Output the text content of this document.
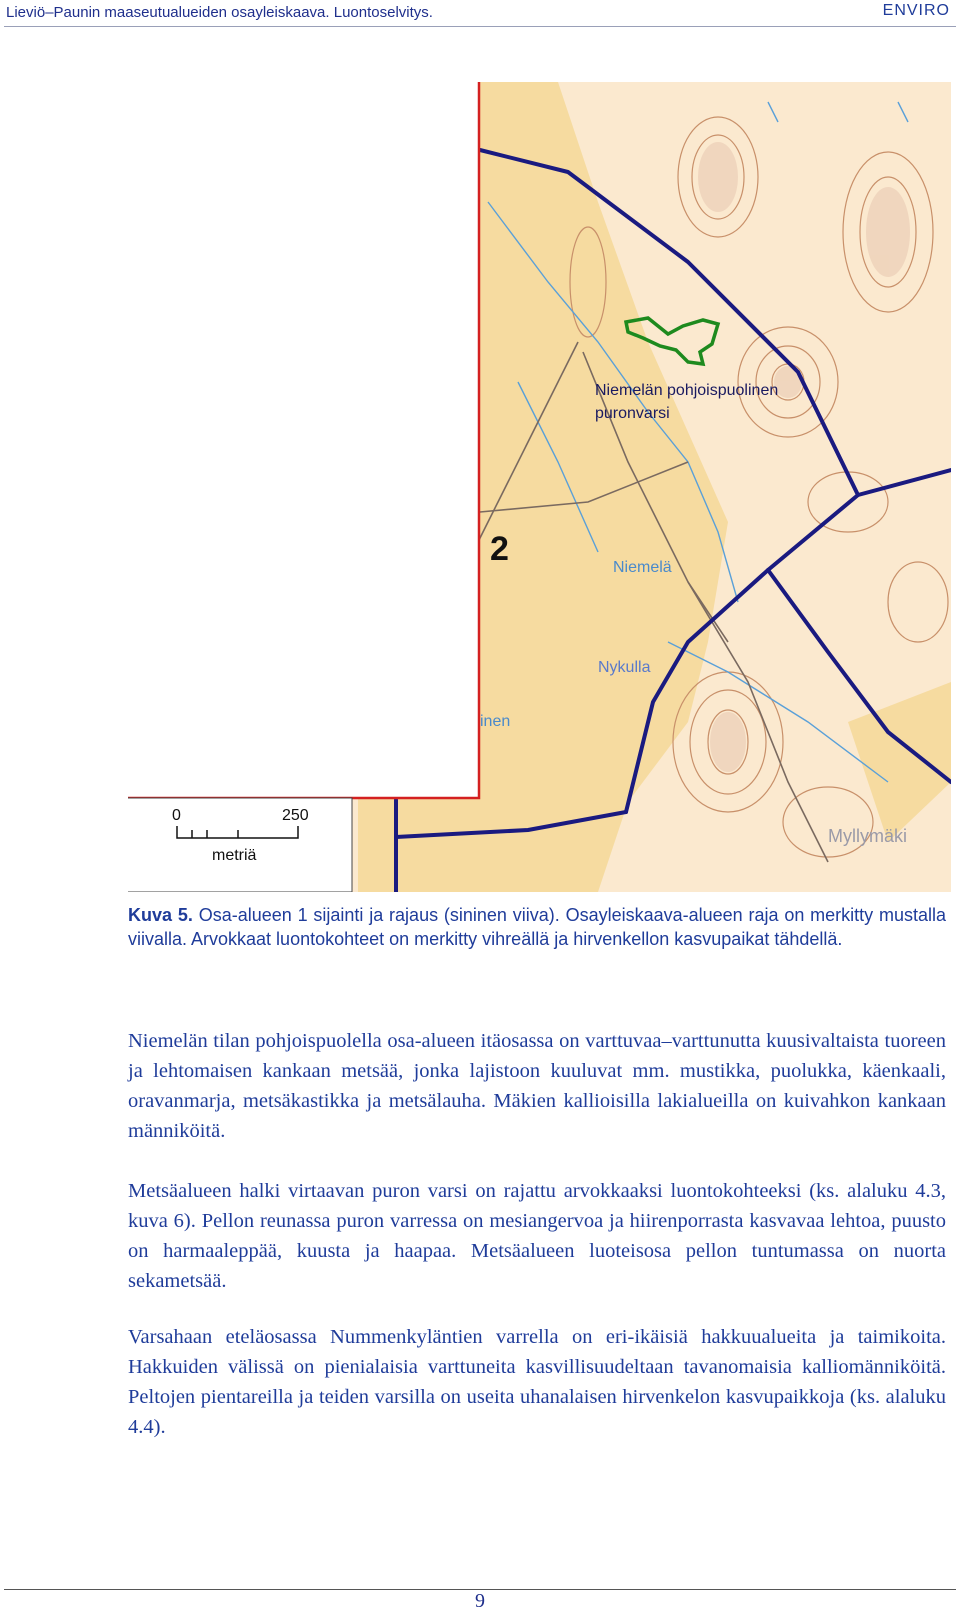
Lieviö–Paunin maaseutualueiden osayleiskaava. Luontoselvitys.	ENVIRO
Niemelän pohjoispuolinen
puronvarsi
2	Niemelä
Nykulla
Myllymäki
inen
0	250
metriä
Kuva 5. Osa-alueen 1 sijainti ja rajaus (sininen viiva). Osayleiskaava-alueen raja on merkitty mustalla viivalla. Arvokkaat luontokohteet on merkitty vihreällä ja hirvenkellon kasvupaikat tähdellä.
Niemelän tilan pohjoispuolella osa-alueen itäosassa on varttuvaa–varttunutta kuusivaltaista tuoreen ja lehtomaisen kankaan metsää, jonka lajistoon kuuluvat mm. mustikka, puolukka, käenkaali, oravanmarja, metsäkastikka ja metsälauha. Mäkien kallioisilla lakialueilla on kuivahkon kankaan männiköitä.
Metsäalueen halki virtaavan puron varsi on rajattu arvokkaaksi luontokohteeksi (ks. alaluku 4.3, kuva 6). Pellon reunassa puron varressa on mesiangervoa ja hiirenporrasta kasvavaa lehtoa, puusto on harmaaleppää, kuusta ja haapaa. Metsäalueen luoteisosa pellon tuntumassa on nuorta sekametsää.
Varsahaan eteläosassa Nummenkyläntien varrella on eri-ikäisiä hakkuualueita ja taimikoita. Hakkuiden välissä on pienialaisia varttuneita kasvillisuudeltaan tavanomaisia kalliomänniköitä. Peltojen pientareilla ja teiden varsilla on useita uhanalaisen hirvenkelon kasvupaikkoja (ks. alaluku 4.4).
9
